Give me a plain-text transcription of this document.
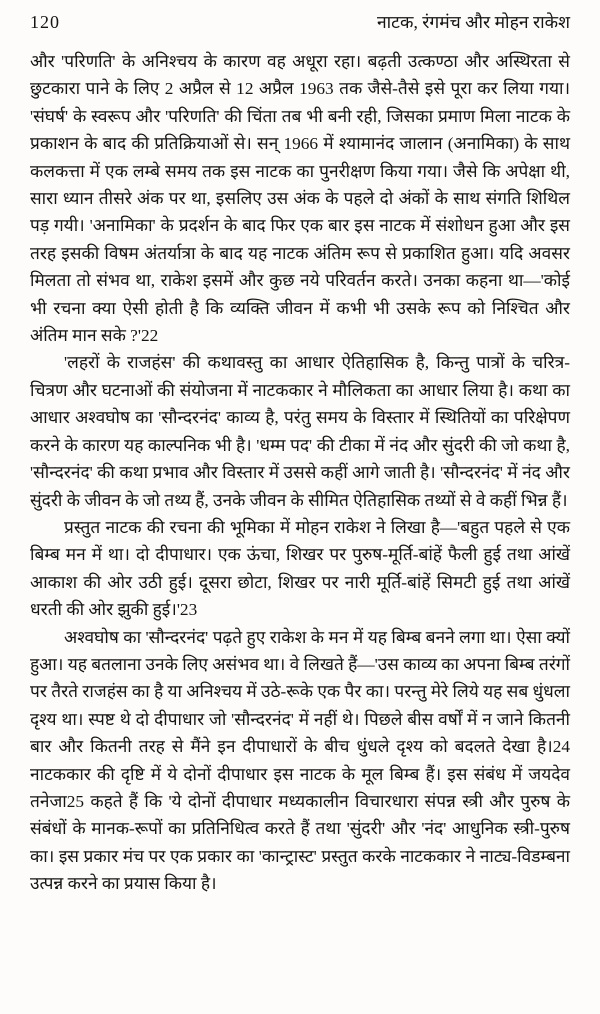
120	नाटक, रंगमंच और मोहन राकेश

और 'परिणति' के अनिश्चय के कारण वह अधूरा रहा। बढ़ती उत्कण्ठा और अस्थिरता से छुटकारा पाने के लिए 2 अप्रैल से 12 अप्रैल 1963 तक जैसे-तैसे इसे पूरा कर लिया गया। 'संघर्ष' के स्वरूप और 'परिणति' की चिंता तब भी बनी रही, जिसका प्रमाण मिला नाटक के प्रकाशन के बाद की प्रतिक्रियाओं से। सन् 1966 में श्यामानंद जालान (अनामिका) के साथ कलकत्ता में एक लम्बे समय तक इस नाटक का पुनरीक्षण किया गया। जैसे कि अपेक्षा थी, सारा ध्यान तीसरे अंक पर था, इसलिए उस अंक के पहले दो अंकों के साथ संगति शिथिल पड़ गयी। 'अनामिका' के प्रदर्शन के बाद फिर एक बार इस नाटक में संशोधन हुआ और इस तरह इसकी विषम अंतर्यात्रा के बाद यह नाटक अंतिम रूप से प्रकाशित हुआ। यदि अवसर मिलता तो संभव था, राकेश इसमें और कुछ नये परिवर्तन करते। उनका कहना था—'कोई भी रचना क्या ऐसी होती है कि व्यक्ति जीवन में कभी भी उसके रूप को निश्चित और अंतिम मान सके ?'22

'लहरों के राजहंस' की कथावस्तु का आधार ऐतिहासिक है, किन्तु पात्रों के चरित्र-चित्रण और घटनाओं की संयोजना में नाटककार ने मौलिकता का आधार लिया है। कथा का आधार अश्वघोष का 'सौन्दरनंद' काव्य है, परंतु समय के विस्तार में स्थितियों का परिक्षेपण करने के कारण यह काल्पनिक भी है। 'धम्म पद' की टीका में नंद और सुंदरी की जो कथा है, 'सौन्दरनंद' की कथा प्रभाव और विस्तार में उससे कहीं आगे जाती है। 'सौन्दरनंद' में नंद और सुंदरी के जीवन के जो तथ्य हैं, उनके जीवन के सीमित ऐतिहासिक तथ्यों से वे कहीं भिन्न हैं।

प्रस्तुत नाटक की रचना की भूमिका में मोहन राकेश ने लिखा है—'बहुत पहले से एक बिम्ब मन में था। दो दीपाधार। एक ऊंचा, शिखर पर पुरुष-मूर्ति-बांहें फैली हुई तथा आंखें आकाश की ओर उठी हुई। दूसरा छोटा, शिखर पर नारी मूर्ति-बांहें सिमटी हुई तथा आंखें धरती की ओर झुकी हुई।'23

अश्वघोष का 'सौन्दरनंद' पढ़ते हुए राकेश के मन में यह बिम्ब बनने लगा था। ऐसा क्यों हुआ। यह बतलाना उनके लिए असंभव था। वे लिखते हैं—'उस काव्य का अपना बिम्ब तरंगों पर तैरते राजहंस का है या अनिश्चय में उठे-रूके एक पैर का। परन्तु मेरे लिये यह सब धुंधला दृश्य था। स्पष्ट थे दो दीपाधार जो 'सौन्दरनंद' में नहीं थे। पिछले बीस वर्षों में न जाने कितनी बार और कितनी तरह से मैंने इन दीपाधारों के बीच धुंधले दृश्य को बदलते देखा है।24 नाटककार की दृष्टि में ये दोनों दीपाधार इस नाटक के मूल बिम्ब हैं। इस संबंध में जयदेव तनेजा25 कहते हैं कि 'ये दोनों दीपाधार मध्यकालीन विचारधारा संपन्न स्त्री और पुरुष के संबंधों के मानक-रूपों का प्रतिनिधित्व करते हैं तथा 'सुंदरी' और 'नंद' आधुनिक स्त्री-पुरुष का। इस प्रकार मंच पर एक प्रकार का 'कान्ट्रास्ट' प्रस्तुत करके नाटककार ने नाट्य-विडम्बना उत्पन्न करने का प्रयास किया है।
